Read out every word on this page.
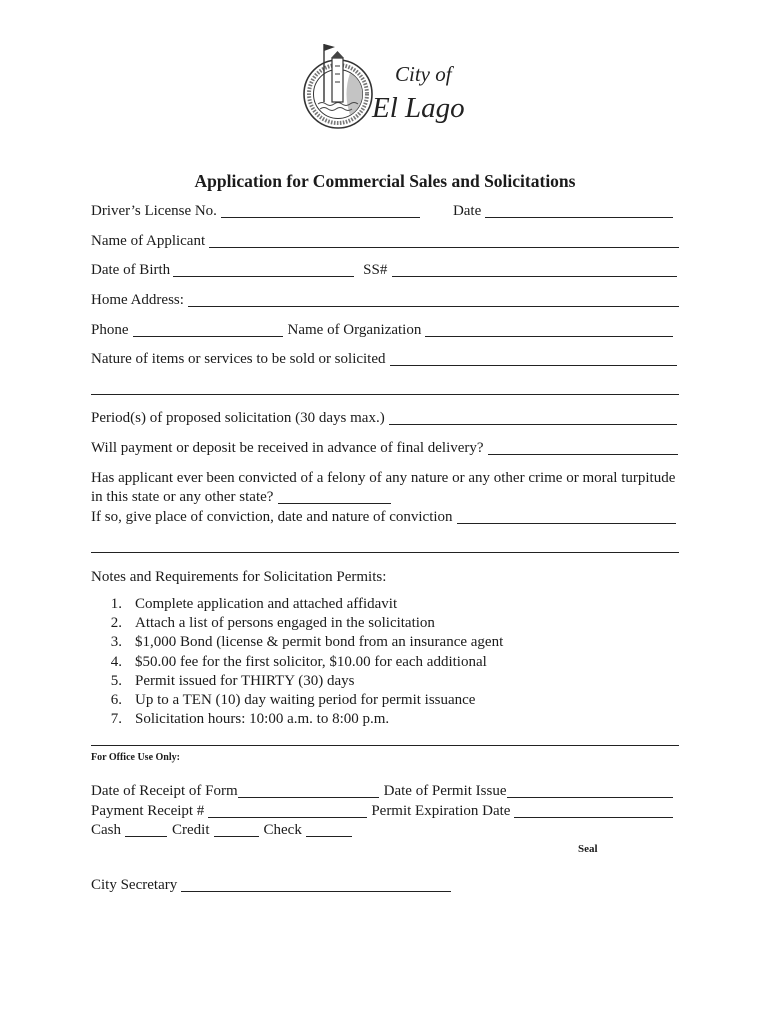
City of
El Lago
Application for Commercial Sales and Solicitations
Driver’s License No.	Date
Name of Applicant
Date of Birth	SS#
Home Address:
Phone	Name of Organization
Nature of items or services to be sold or solicited
Period(s) of proposed solicitation (30 days max.)
Will payment or deposit be received in advance of final delivery?
Has applicant ever been convicted of a felony of any nature or any other crime or moral turpitude
in this state or any other state?
If so, give place of conviction, date and nature of conviction
Notes and Requirements for Solicitation Permits:
1. Complete application and attached affidavit
2. Attach a list of persons engaged in the solicitation
3. $1,000 Bond (license & permit bond from an insurance agent
4. $50.00 fee for the first solicitor, $10.00 for each additional
5. Permit issued for THIRTY (30) days
6. Up to a TEN (10) day waiting period for permit issuance
7. Solicitation hours: 10:00 a.m. to 8:00 p.m.
For Office Use Only:
Date of Receipt of Form	Date of Permit Issue
Payment Receipt #	Permit Expiration Date
Cash	Credit	Check
Seal
City Secretary
